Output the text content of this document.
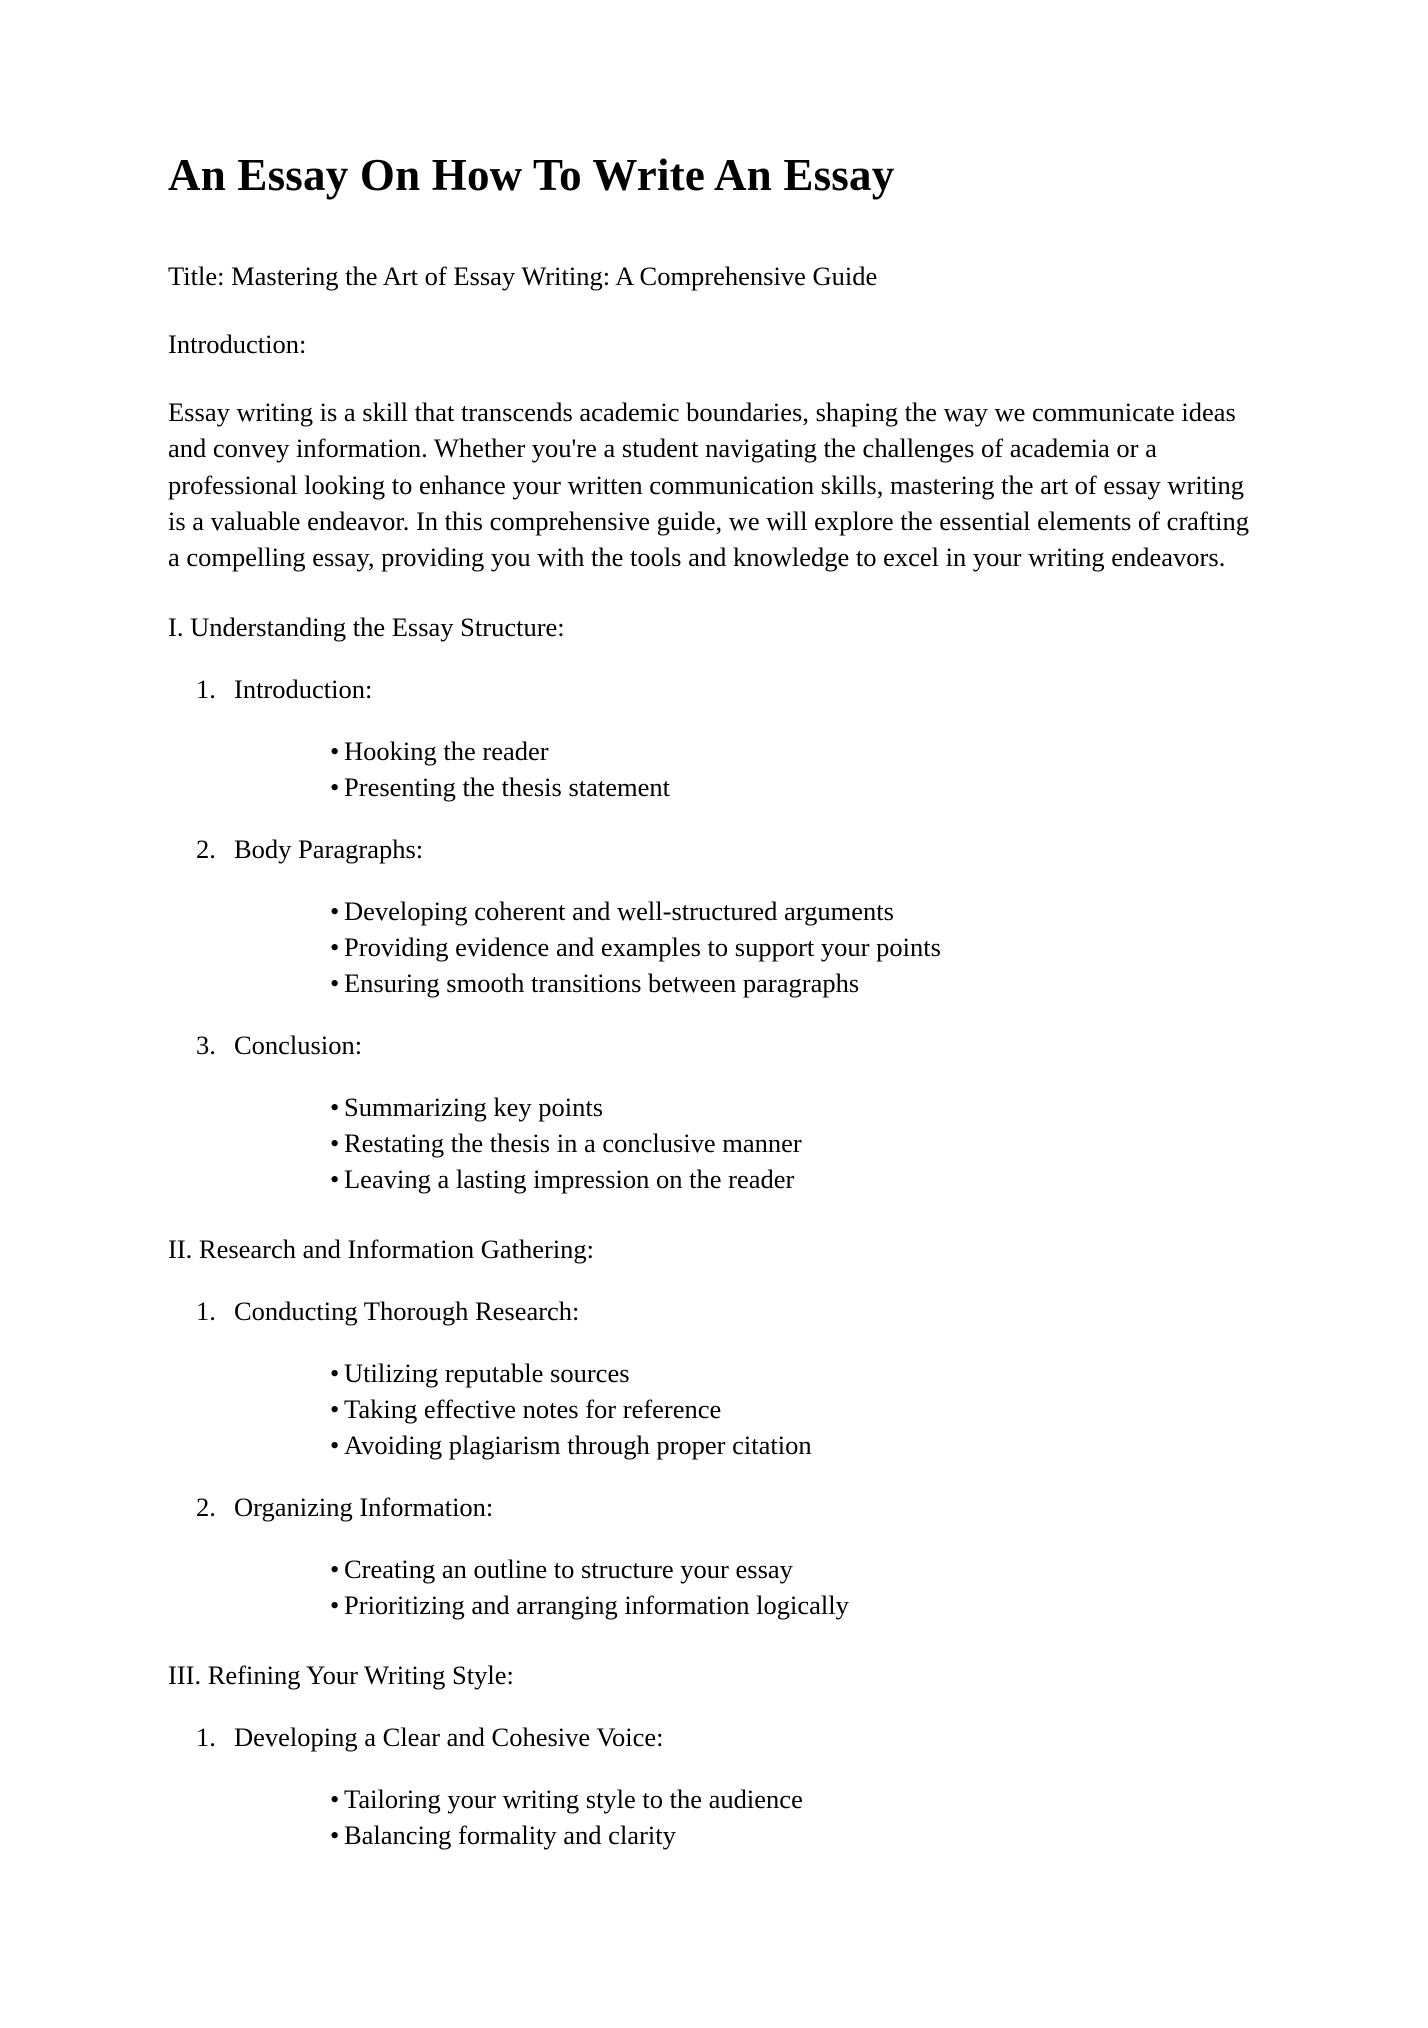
An Essay On How To Write An Essay

Title: Mastering the Art of Essay Writing: A Comprehensive Guide

Introduction:

Essay writing is a skill that transcends academic boundaries, shaping the way we communicate ideas and convey information. Whether you're a student navigating the challenges of academia or a professional looking to enhance your written communication skills, mastering the art of essay writing is a valuable endeavor. In this comprehensive guide, we will explore the essential elements of crafting a compelling essay, providing you with the tools and knowledge to excel in your writing endeavors.

I. Understanding the Essay Structure:

1. Introduction:
• Hooking the reader
• Presenting the thesis statement
2. Body Paragraphs:
• Developing coherent and well-structured arguments
• Providing evidence and examples to support your points
• Ensuring smooth transitions between paragraphs
3. Conclusion:
• Summarizing key points
• Restating the thesis in a conclusive manner
• Leaving a lasting impression on the reader

II. Research and Information Gathering:

1. Conducting Thorough Research:
• Utilizing reputable sources
• Taking effective notes for reference
• Avoiding plagiarism through proper citation
2. Organizing Information:
• Creating an outline to structure your essay
• Prioritizing and arranging information logically

III. Refining Your Writing Style:

1. Developing a Clear and Cohesive Voice:
• Tailoring your writing style to the audience
• Balancing formality and clarity
